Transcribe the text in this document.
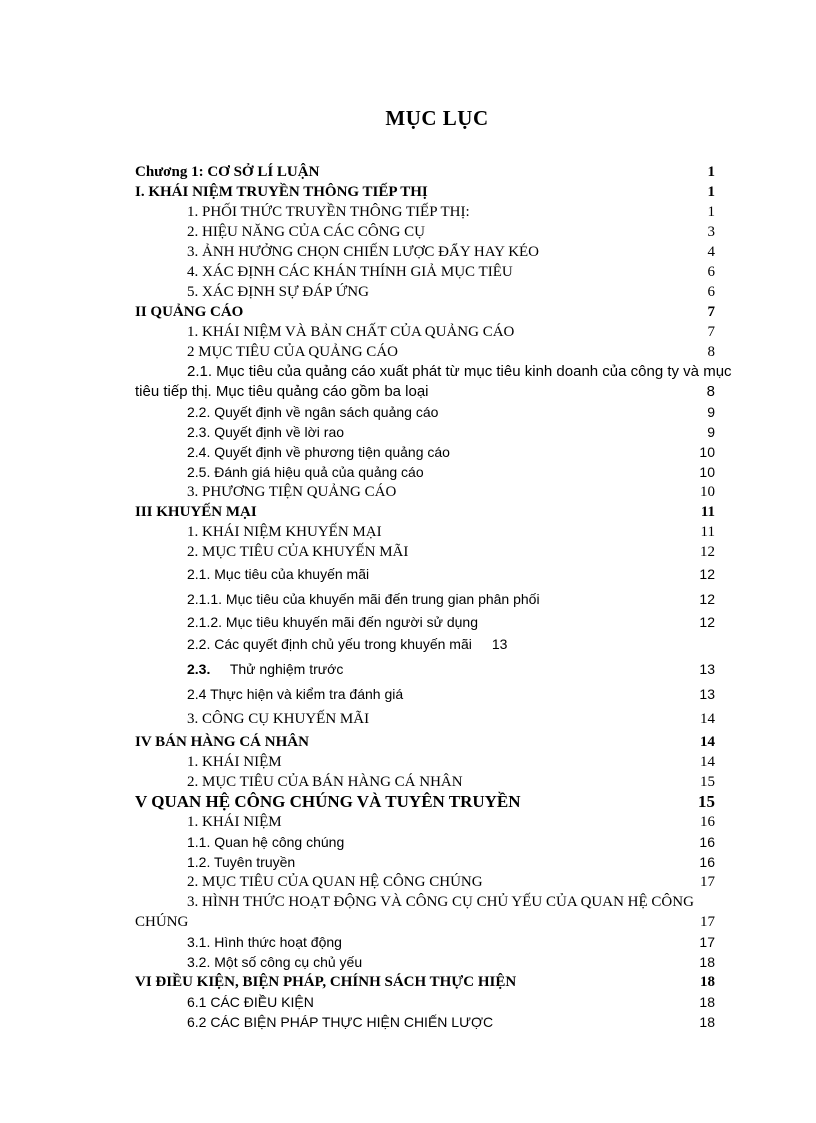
MỤC LỤC
Chương 1: CƠ SỞ LÍ LUẬN	1
I. KHÁI NIỆM TRUYỀN THÔNG TIẾP THỊ	1
1. PHỐI THỨC TRUYỀN THÔNG TIẾP THỊ:	1
2. HIỆU NĂNG CỦA CÁC CÔNG CỤ	3
3. ẢNH HƯỞNG CHỌN CHIẾN LƯỢC ĐẨY HAY KÉO	4
4. XÁC ĐỊNH CÁC KHÁN THÍNH GIẢ MỤC TIÊU	6
5. XÁC ĐỊNH SỰ ĐÁP ỨNG	6
II QUẢNG CÁO	7
1. KHÁI NIỆM VÀ BẢN CHẤT CỦA QUẢNG CÁO	7
2 MỤC TIÊU CỦA QUẢNG CÁO	8
2.1. Mục tiêu của quảng cáo xuất phát từ mục tiêu kinh doanh của công ty và mục tiêu tiếp thị. Mục tiêu quảng cáo gồm ba loại	8
2.2. Quyết định về ngân sách quảng cáo	9
2.3. Quyết định về lời rao	9
2.4. Quyết định về phương tiện quảng cáo	10
2.5. Đánh giá hiệu quả của quảng cáo	10
3. PHƯƠNG TIỆN QUẢNG CÁO	10
III KHUYẾN MẠI	11
1. KHÁI NIỆM KHUYẾN MẠI	11
2. MỤC TIÊU CỦA KHUYẾN MÃI	12
2.1. Mục tiêu của khuyến mãi	12
2.1.1. Mục tiêu của khuyến mãi đến trung gian phân phối	12
2.1.2. Mục tiêu khuyến mãi đến người sử dụng	12
2.2. Các quyết định chủ yếu trong khuyến mãi 13
2.3. Thử nghiệm trước	13
2.4 Thực hiện và kiểm tra đánh giá	13
3. CÔNG CỤ KHUYẾN MÃI	14
IV BÁN HÀNG CÁ NHÂN	14
1. KHÁI NIỆM	14
2. MỤC TIÊU CỦA BÁN HÀNG CÁ NHÂN	15
V QUAN HỆ CÔNG CHÚNG VÀ TUYÊN TRUYỀN	15
1. KHÁI NIỆM	16
1.1. Quan hệ công chúng	16
1.2. Tuyên truyền	16
2. MỤC TIÊU CỦA QUAN HỆ CÔNG CHÚNG	17
3. HÌNH THỨC HOẠT ĐỘNG VÀ CÔNG CỤ CHỦ YẾU CỦA QUAN HỆ CÔNG CHÚNG	17
3.1. Hình thức hoạt động	17
3.2. Một số công cụ chủ yếu	18
VI ĐIỀU KIỆN, BIỆN PHÁP, CHÍNH SÁCH THỰC HIỆN	18
6.1 CÁC ĐIỀU KIỆN	18
6.2 CÁC BIỆN PHÁP THỰC HIỆN CHIẾN LƯỢC	18
